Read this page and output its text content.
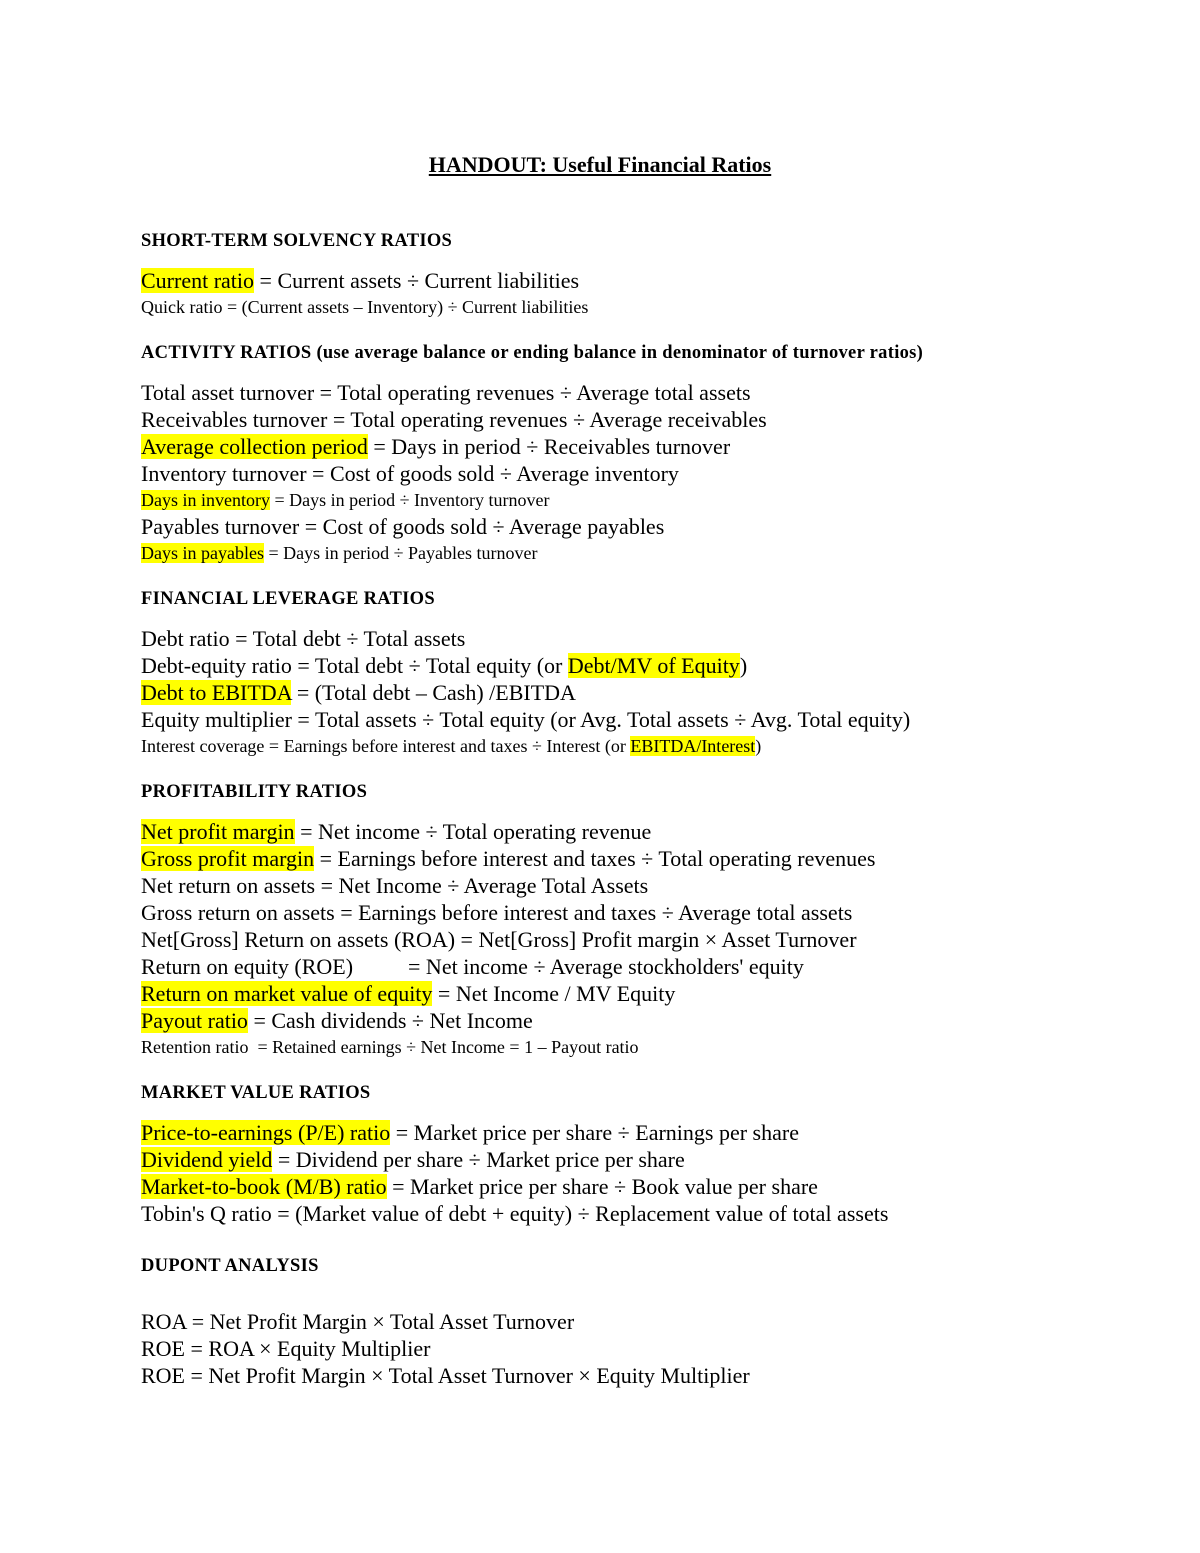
HANDOUT: Useful Financial Ratios
SHORT-TERM SOLVENCY RATIOS
Current ratio = Current assets ÷ Current liabilities
Quick ratio = (Current assets – Inventory) ÷ Current liabilities
ACTIVITY RATIOS (use average balance or ending balance in denominator of turnover ratios)
Total asset turnover = Total operating revenues ÷ Average total assets
Receivables turnover = Total operating revenues ÷ Average receivables
Average collection period = Days in period ÷ Receivables turnover
Inventory turnover = Cost of goods sold ÷ Average inventory
Days in inventory = Days in period ÷ Inventory turnover
Payables turnover = Cost of goods sold ÷ Average payables
Days in payables = Days in period ÷ Payables turnover
FINANCIAL LEVERAGE RATIOS
Debt ratio = Total debt ÷ Total assets
Debt-equity ratio = Total debt ÷ Total equity (or Debt/MV of Equity)
Debt to EBITDA = (Total debt – Cash) /EBITDA
Equity multiplier = Total assets ÷ Total equity (or Avg. Total assets ÷ Avg. Total equity)
Interest coverage = Earnings before interest and taxes ÷ Interest (or EBITDA/Interest)
PROFITABILITY RATIOS
Net profit margin = Net income ÷ Total operating revenue
Gross profit margin = Earnings before interest and taxes ÷ Total operating revenues
Net return on assets = Net Income ÷ Average Total Assets
Gross return on assets = Earnings before interest and taxes ÷ Average total assets
Net[Gross] Return on assets (ROA) = Net[Gross] Profit margin × Asset Turnover
Return on equity (ROE)          = Net income ÷ Average stockholders' equity
Return on market value of equity = Net Income / MV Equity
Payout ratio = Cash dividends ÷ Net Income
Retention ratio  = Retained earnings ÷ Net Income = 1 – Payout ratio
MARKET VALUE RATIOS
Price-to-earnings (P/E) ratio = Market price per share ÷ Earnings per share
Dividend yield = Dividend per share ÷ Market price per share
Market-to-book (M/B) ratio = Market price per share ÷ Book value per share
Tobin's Q ratio = (Market value of debt + equity) ÷ Replacement value of total assets
DUPONT ANALYSIS
ROA = Net Profit Margin × Total Asset Turnover
ROE = ROA × Equity Multiplier
ROE = Net Profit Margin × Total Asset Turnover × Equity Multiplier
